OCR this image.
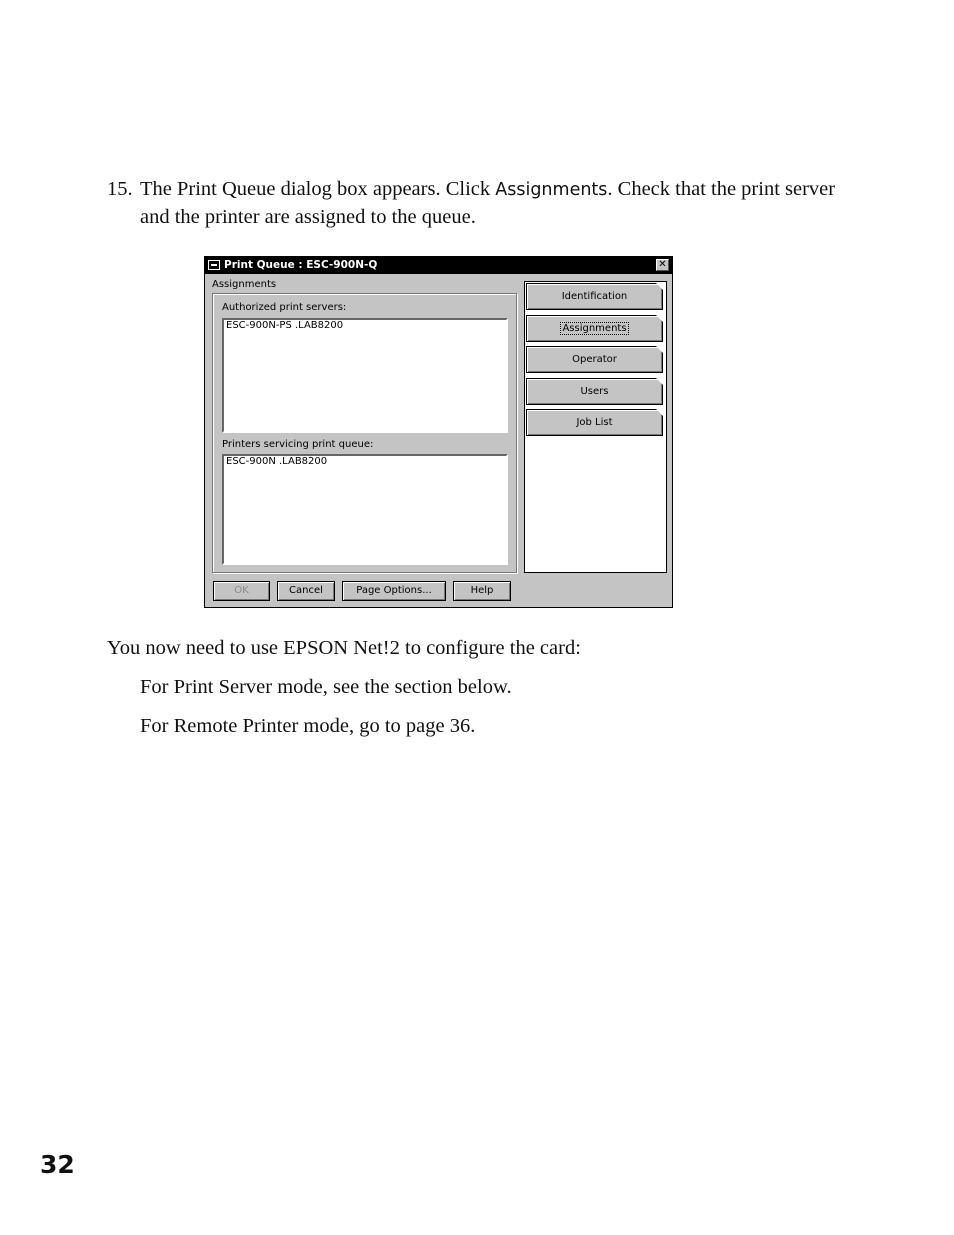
15. The Print Queue dialog box appears. Click Assignments. Check that the print server and the printer are assigned to the queue.
Print Queue : ESC-900N-Q	✕
Assignments
Authorized print servers:
ESC-900N-PS .LAB8200
Printers servicing print queue:
ESC-900N .LAB8200
Identification
Assignments
Operator
Users
Job List
OK	Cancel	Page Options...	Help
You now need to use EPSON Net!2 to configure the card:
For Print Server mode, see the section below.
For Remote Printer mode, go to page 36.
32
